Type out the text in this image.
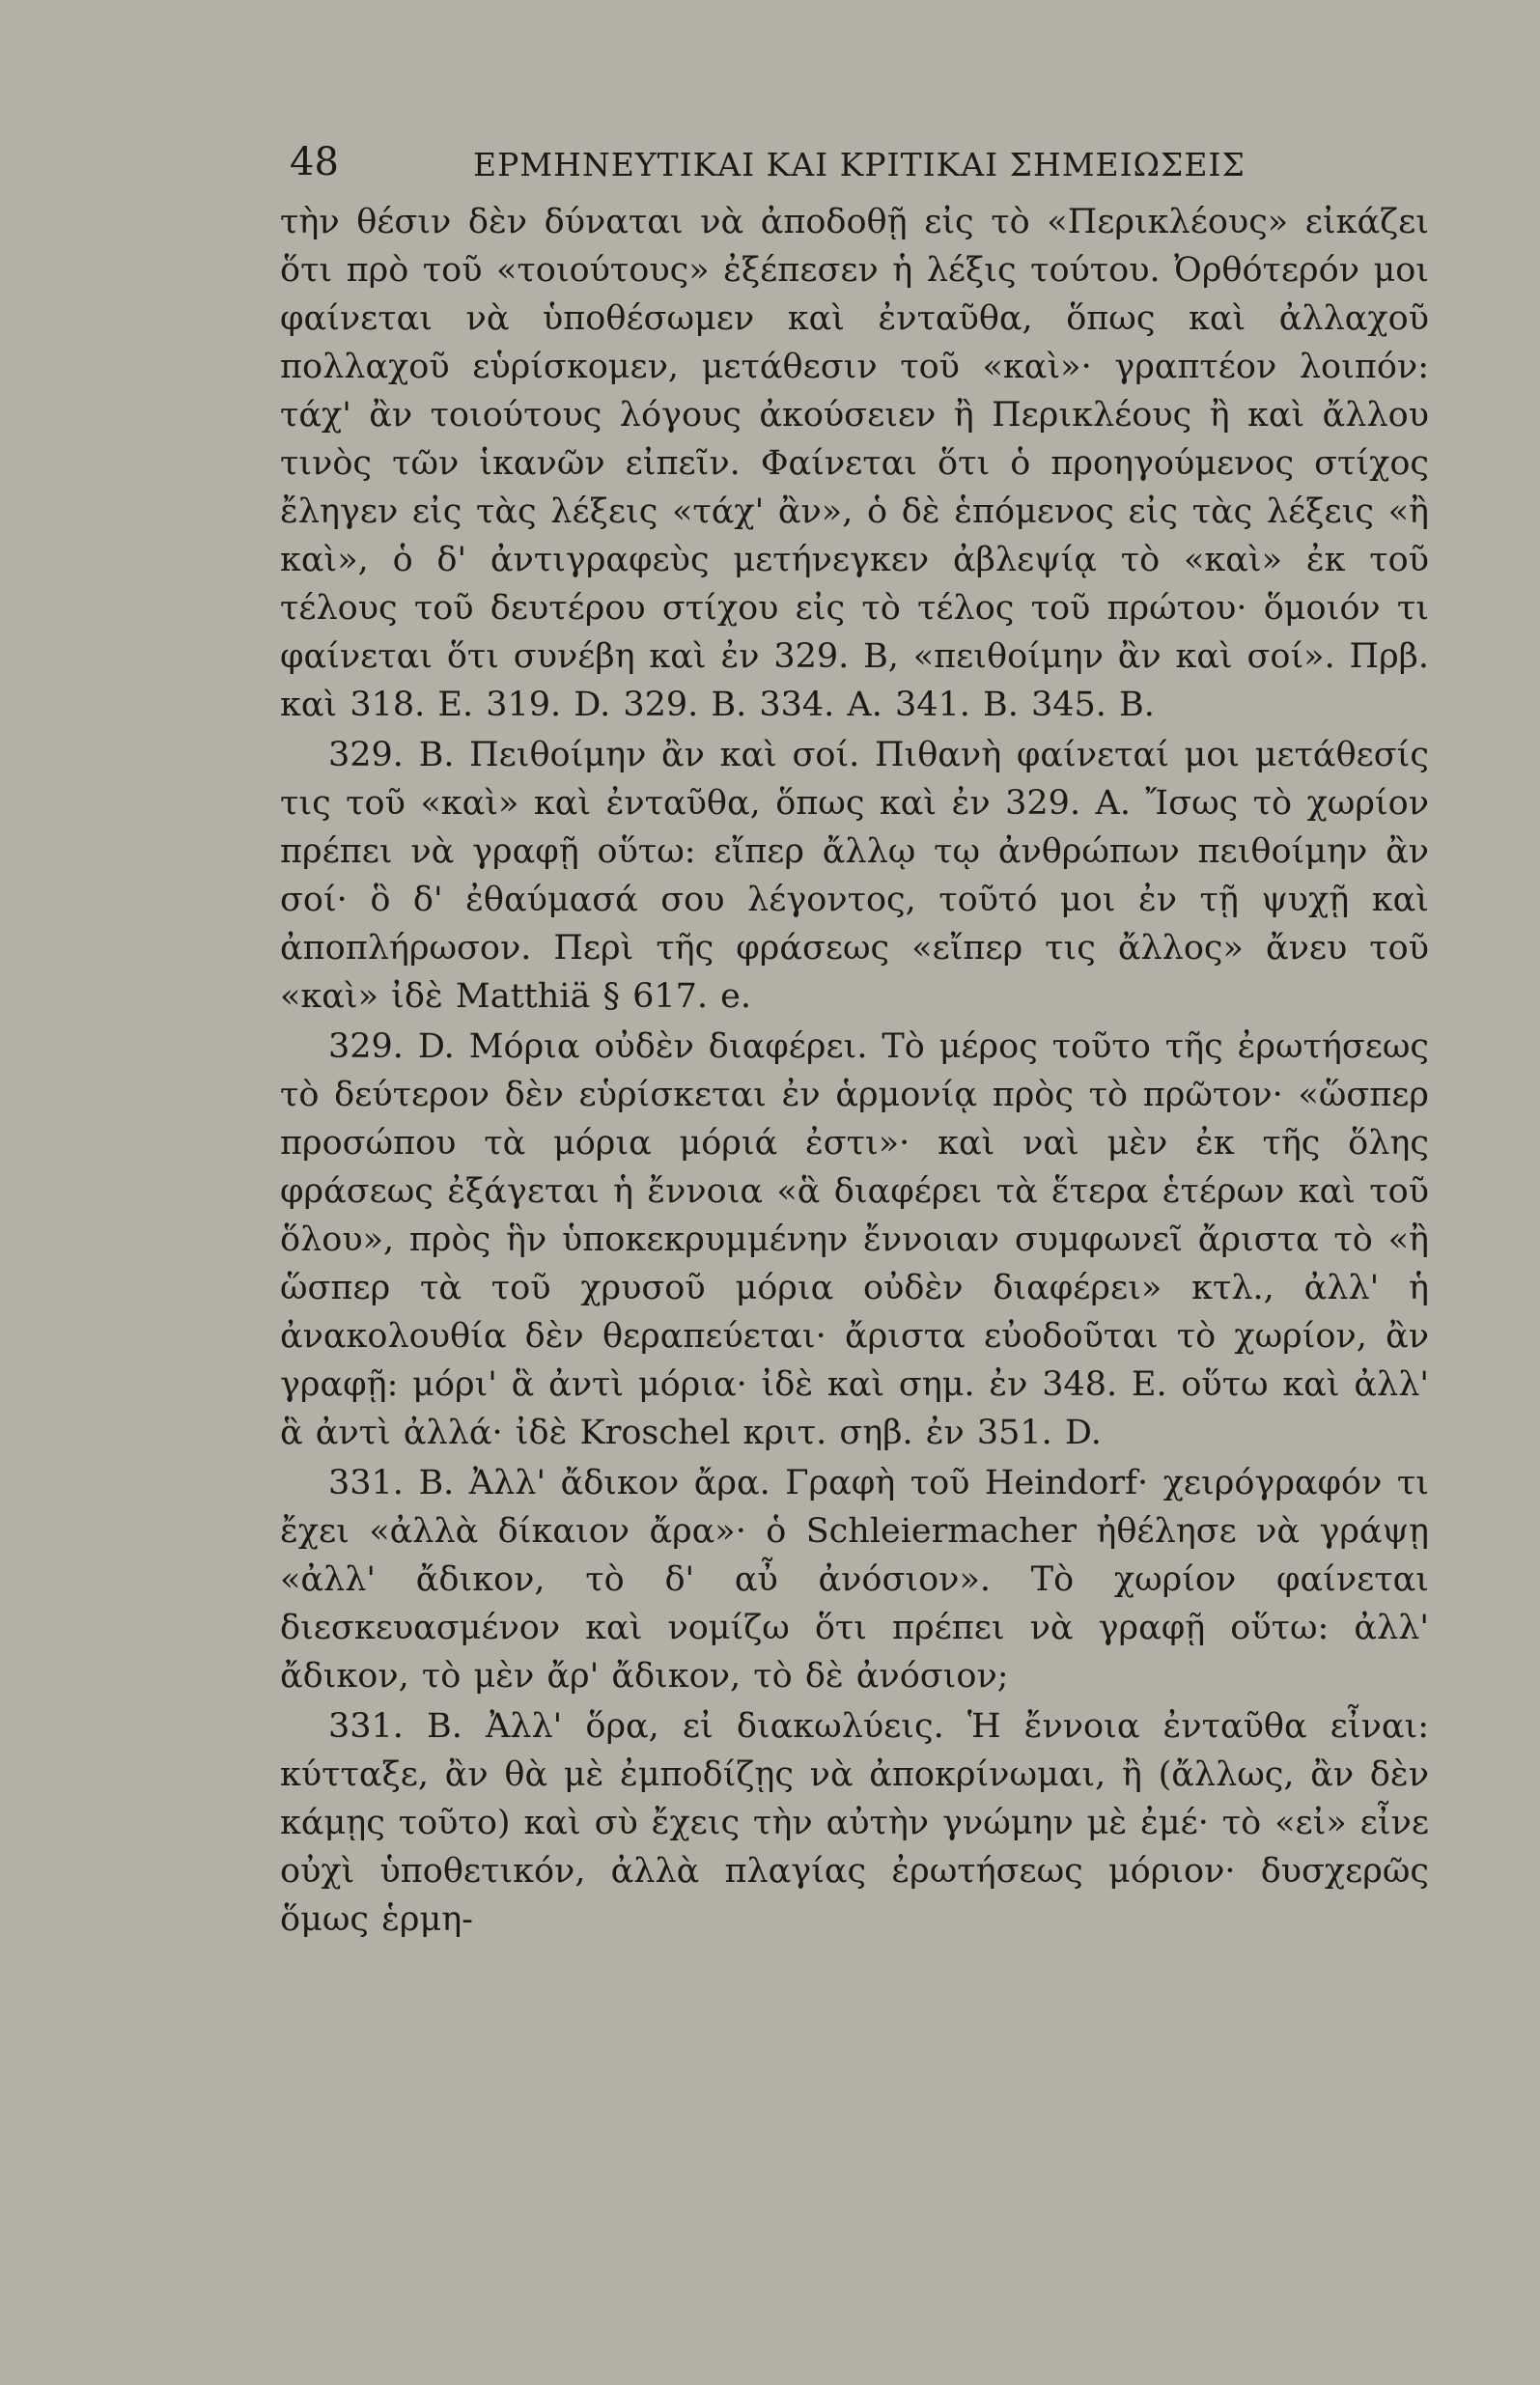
48	ΕΡΜΗΝΕΥΤΙΚΑΙ ΚΑΙ ΚΡΙΤΙΚΑΙ ΣΗΜΕΙΩΣΕΙΣ

τὴν θέσιν δὲν δύναται νὰ ἀποδοθῇ εἰς τὸ «Περικλέους» εἰκάζει ὅτι πρὸ τοῦ «τοιούτους» ἐξέπεσεν ἡ λέξις τούτου. Ὀρθότερόν μοι φαίνεται νὰ ὑποθέσωμεν καὶ ἐνταῦθα, ὅπως καὶ ἀλλαχοῦ πολλαχοῦ εὑρίσκομεν, μετάθεσιν τοῦ «καὶ»· γραπτέον λοιπόν: τάχ' ἂν τοιούτους λόγους ἀκούσειεν ἢ Περικλέους ἢ καὶ ἄλλου τινὸς τῶν ἱκανῶν εἰπεῖν. Φαίνεται ὅτι ὁ προηγούμενος στίχος ἔληγεν εἰς τὰς λέξεις «τάχ' ἂν», ὁ δὲ ἑπόμενος εἰς τὰς λέξεις «ἢ καὶ», ὁ δ' ἀντιγραφεὺς μετήνεγκεν ἀβλεψίᾳ τὸ «καὶ» ἐκ τοῦ τέλους τοῦ δευτέρου στίχου εἰς τὸ τέλος τοῦ πρώτου· ὅμοιόν τι φαίνεται ὅτι συνέβη καὶ ἐν 329. Β, «πειθοίμην ἂν καὶ σοί». Πρβ. καὶ 318. Ε. 319. D. 329. Β. 334. Α. 341. Β. 345. Β.

329. Β. Πειθοίμην ἂν καὶ σοί. Πιθανὴ φαίνεταί μοι μετάθεσίς τις τοῦ «καὶ» καὶ ἐνταῦθα, ὅπως καὶ ἐν 329. Α. Ἴσως τὸ χωρίον πρέπει νὰ γραφῇ οὕτω: εἴπερ ἄλλῳ τῳ ἀνθρώπων πειθοίμην ἂν σοί· ὃ δ' ἐθαύμασά σου λέγοντος, τοῦτό μοι ἐν τῇ ψυχῇ καὶ ἀποπλήρωσον. Περὶ τῆς φράσεως «εἴπερ τις ἄλλος» ἄνευ τοῦ «καὶ» ἰδὲ Matthiä § 617. e.

329. D. Μόρια οὐδὲν διαφέρει. Τὸ μέρος τοῦτο τῆς ἐρωτήσεως τὸ δεύτερον δὲν εὑρίσκεται ἐν ἁρμονίᾳ πρὸς τὸ πρῶτον· «ὥσπερ προσώπου τὰ μόρια μόριά ἐστι»· καὶ ναὶ μὲν ἐκ τῆς ὅλης φράσεως ἐξάγεται ἡ ἔννοια «ἃ διαφέρει τὰ ἕτερα ἑτέρων καὶ τοῦ ὅλου», πρὸς ἣν ὑποκεκρυμμένην ἔννοιαν συμφωνεῖ ἄριστα τὸ «ἢ ὥσπερ τὰ τοῦ χρυσοῦ μόρια οὐδὲν διαφέρει» κτλ., ἀλλ' ἡ ἀνακολουθία δὲν θεραπεύεται· ἄριστα εὐοδοῦται τὸ χωρίον, ἂν γραφῇ: μόρι' ἃ ἀντὶ μόρια· ἰδὲ καὶ σημ. ἐν 348. Ε. οὕτω καὶ ἀλλ' ἃ ἀντὶ ἀλλά· ἰδὲ Kroschel κριτ. σηβ. ἐν 351. D.

331. Β. Ἀλλ' ἄδικον ἄρα. Γραφὴ τοῦ Heindorf· χειρόγραφόν τι ἔχει «ἀλλὰ δίκαιον ἄρα»· ὁ Schleiermacher ἠθέλησε νὰ γράψῃ «ἀλλ' ἄδικον, τὸ δ' αὖ ἀνόσιον». Τὸ χωρίον φαίνεται διεσκευασμένον καὶ νομίζω ὅτι πρέπει νὰ γραφῇ οὕτω: ἀλλ' ἄδικον, τὸ μὲν ἄρ' ἄδικον, τὸ δὲ ἀνόσιον;

331. Β. Ἀλλ' ὅρα, εἰ διακωλύεις. Ἡ ἔννοια ἐνταῦθα εἶναι: κύτταξε, ἂν θὰ μὲ ἐμποδίζῃς νὰ ἀποκρίνωμαι, ἢ (ἄλλως, ἂν δὲν κάμῃς τοῦτο) καὶ σὺ ἔχεις τὴν αὐτὴν γνώμην μὲ ἐμέ· τὸ «εἰ» εἶνε οὐχὶ ὑποθετικόν, ἀλλὰ πλαγίας ἐρωτήσεως μόριον· δυσχερῶς ὅμως ἑρμη-
